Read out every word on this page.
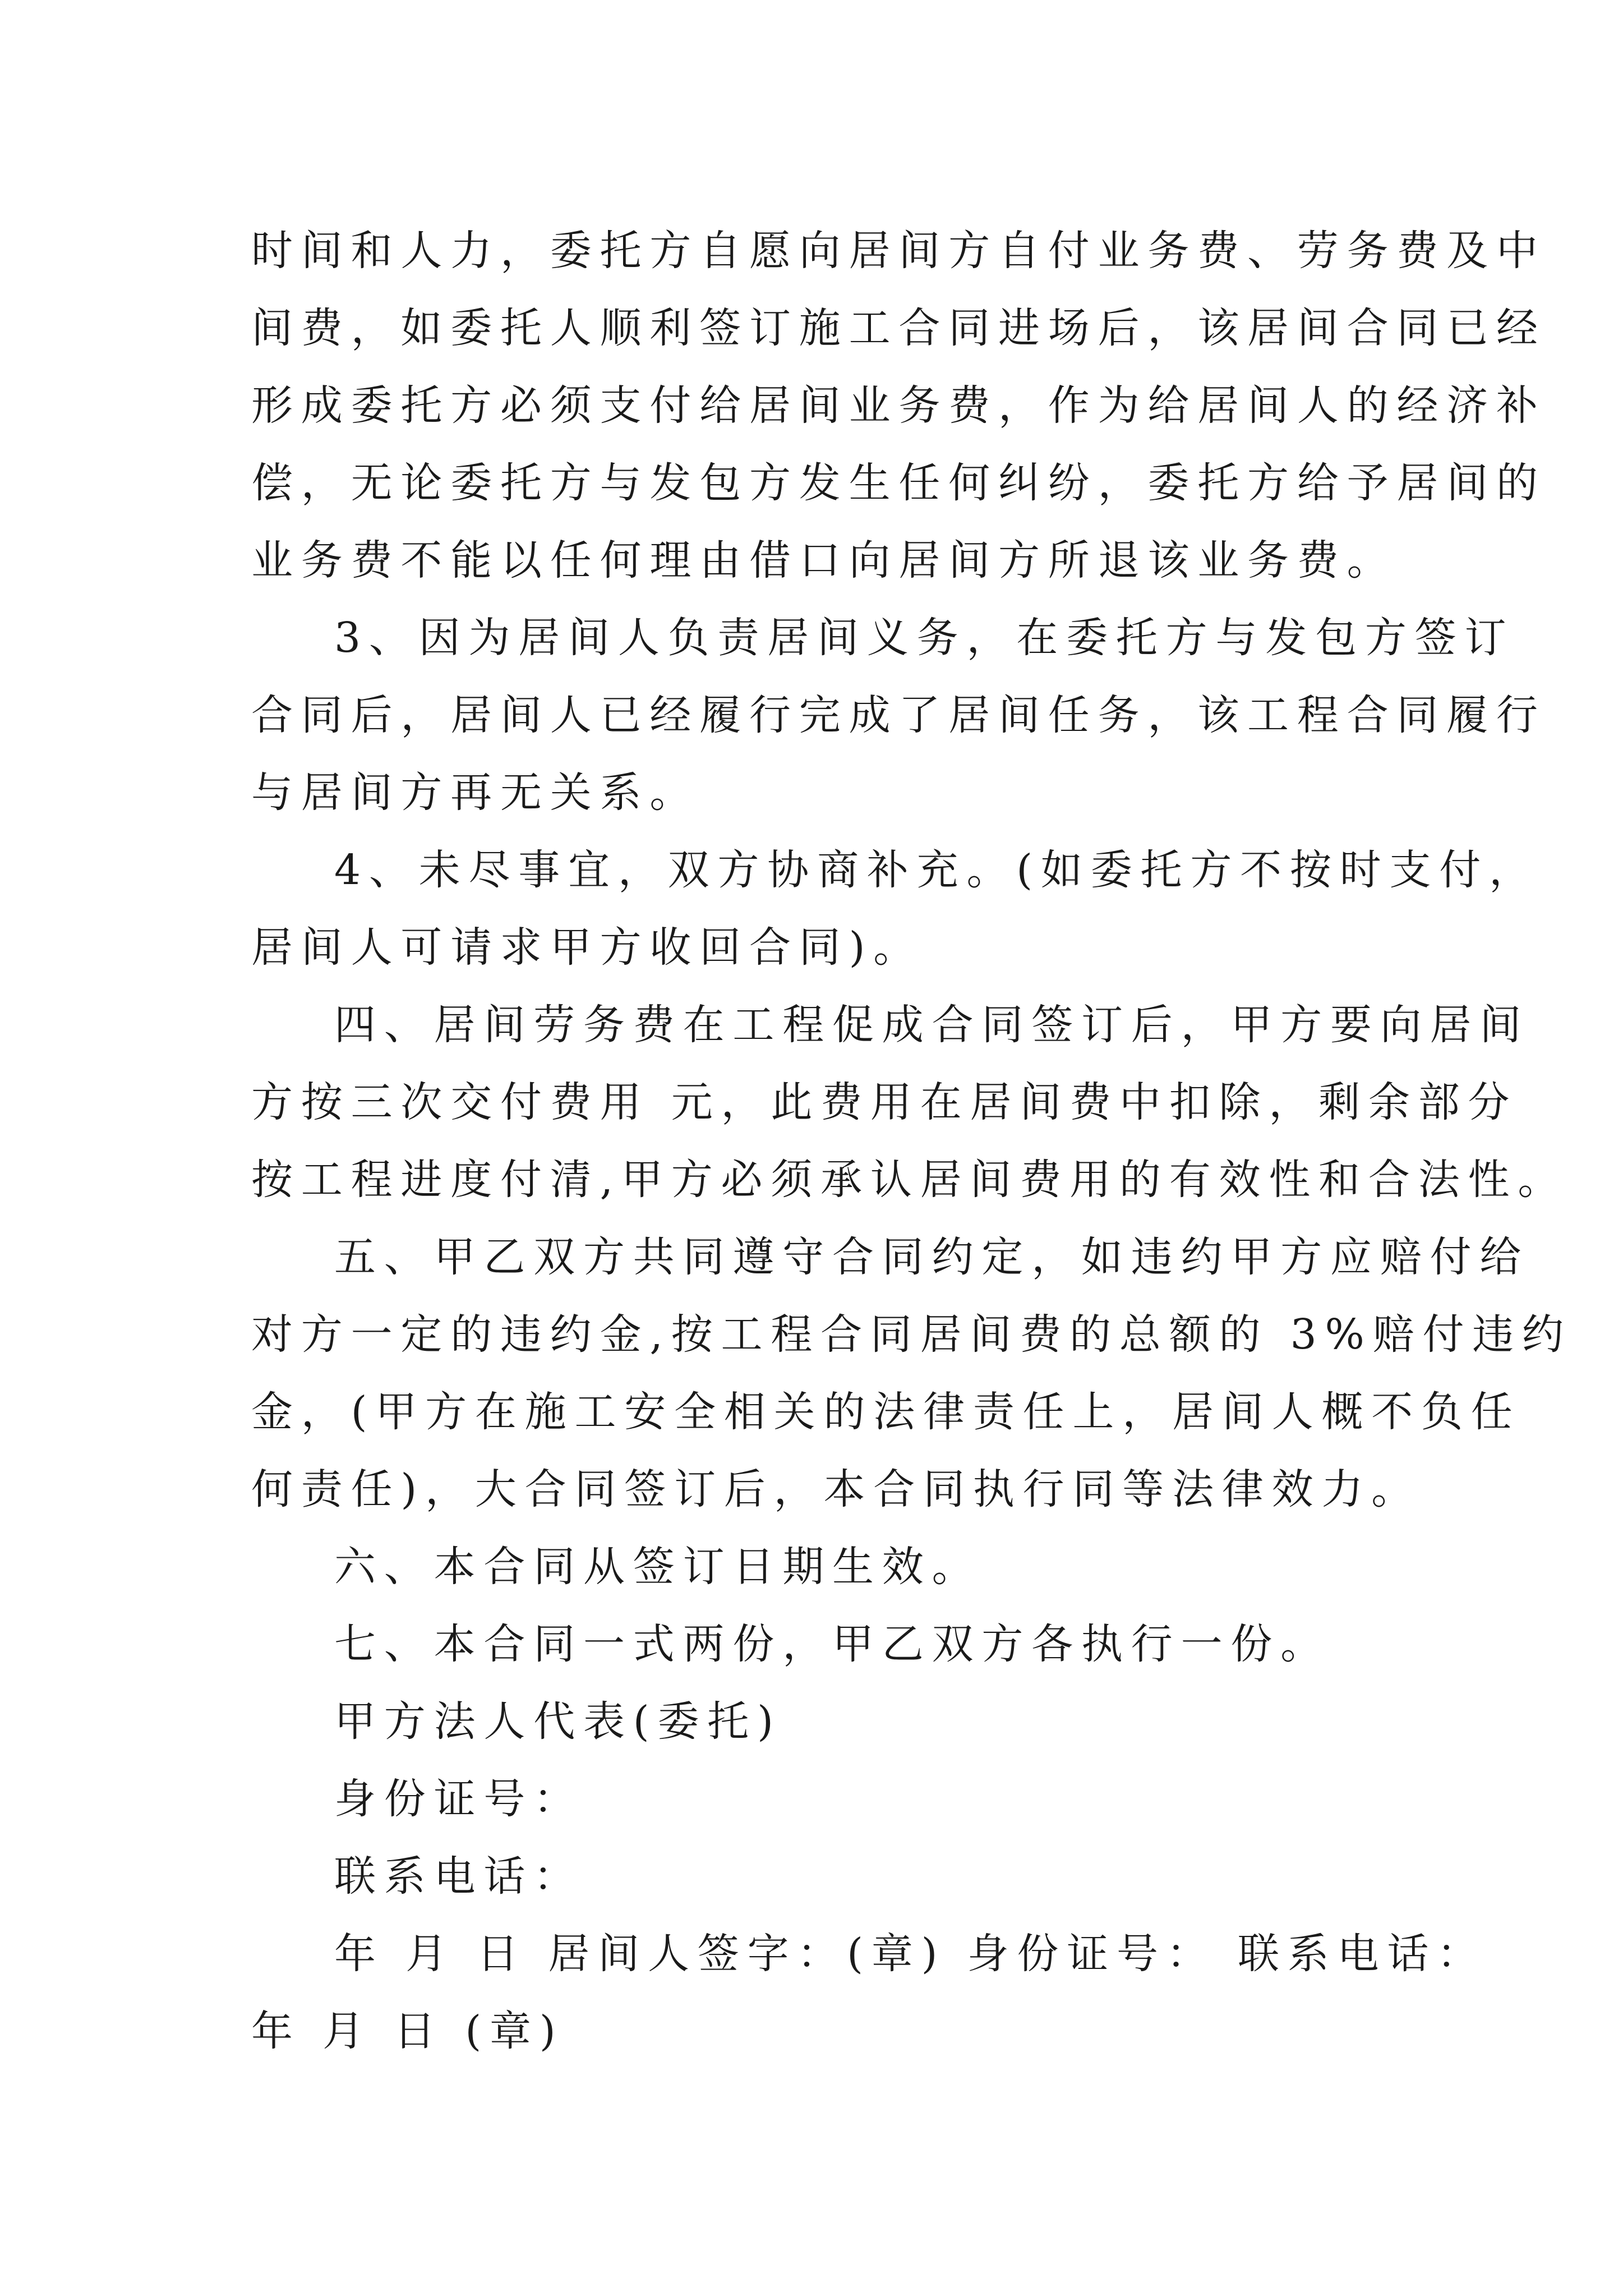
时间和人力，委托方自愿向居间方自付业务费、劳务费及中
间费，如委托人顺利签订施工合同进场后，该居间合同已经
形成委托方必须支付给居间业务费，作为给居间人的经济补
偿，无论委托方与发包方发生任何纠纷，委托方给予居间的
业务费不能以任何理由借口向居间方所退该业务费。

3、因为居间人负责居间义务，在委托方与发包方签订
合同后，居间人已经履行完成了居间任务，该工程合同履行
与居间方再无关系。

4、未尽事宜，双方协商补充。(如委托方不按时支付，
居间人可请求甲方收回合同)。

四、居间劳务费在工程促成合同签订后，甲方要向居间
方按三次交付费用 元，此费用在居间费中扣除，剩余部分
按工程进度付清,甲方必须承认居间费用的有效性和合法性。

五、甲乙双方共同遵守合同约定，如违约甲方应赔付给
对方一定的违约金,按工程合同居间费的总额的 3%赔付违约
金，(甲方在施工安全相关的法律责任上，居间人概不负任
何责任)，大合同签订后，本合同执行同等法律效力。

六、本合同从签订日期生效。

七、本合同一式两份，甲乙双方各执行一份。

甲方法人代表(委托)

身份证号：

联系电话：

年 月 日 居间人签字：(章) 身份证号： 联系电话：
年 月 日 (章)
